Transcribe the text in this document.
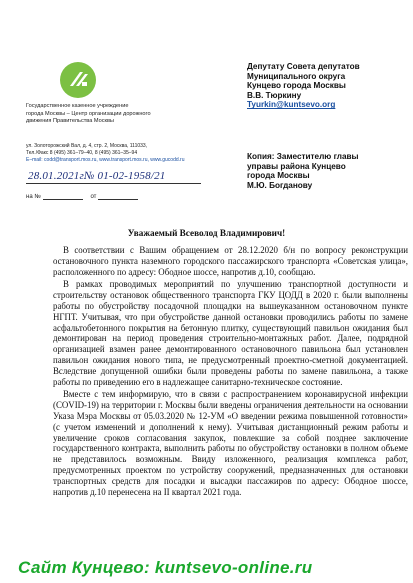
Государственное казенное учреждение
города Москвы – Центр организации дорожного
движения Правительства Москвы
ул. Золоторожский Вал, д. 4, стр. 2, Москва, 111033,
Тел./Факс 8 (495) 361–79–40, 8 (495) 361–35–94
E–mail: codd@transport.mos.ru, www.transport.mos.ru, www.gucodd.ru
28.01.2021г.
№ 01-02-1958/21
на №	от
Депутату Совета депутатов
Муниципального округа
Кунцево города Москвы
В.В. Тюркину
Tyurkin@kuntsevo.org
Копия: Заместителю главы
управы района Кунцево
города Москвы
М.Ю. Богданову
Уважаемый Всеволод Владимирович!

В соответствии с Вашим обращением от 28.12.2020 б/н по вопросу реконструкции остановочного пункта наземного городского пассажирского транспорта «Советская улица», расположенного по адресу: Ободное шоссе, напротив д.10, сообщаю.

В рамках проводимых мероприятий по улучшению транспортной доступности и строительству остановок общественного транспорта ГКУ ЦОДД в 2020 г. были выполнены работы по обустройству посадочной площадки на вышеуказанном остановочном пункте НГПТ. Учитывая, что при обустройстве данной остановки проводились работы по замене асфальтобетонного покрытия на бетонную плитку, существующий павильон ожидания был демонтирован на период проведения строительно-монтажных работ. Далее, подрядной организацией взамен ранее демонтированного остановочного павильона был установлен павильон ожидания нового типа, не предусмотренный проектно-сметной документацией. Вследствие допущенной ошибки были проведены работы по замене павильона, а также работы по приведению его в надлежащее санитарно-техническое состояние.

Вместе с тем информирую, что в связи с распространением коронавирусной инфекции (COVID-19) на территории г. Москвы были введены ограничения деятельности на основании Указа Мэра Москвы от 05.03.2020 № 12-УМ «О введении режима повышенной готовности» (с учетом изменений и дополнений к нему). Учитывая дистанционный режим работы и увеличение сроков согласования закупок, повлекшие за собой позднее заключение государственного контракта, выполнить работы по обустройству остановки в полном объеме не представилось возможным. Ввиду изложенного, реализация комплекса работ, предусмотренных проектом по устройству сооружений, предназначенных для остановки транспортных средств для посадки и высадки пассажиров по адресу: Ободное шоссе, напротив д.10 перенесена на II квартал 2021 года.

Сайт Кунцево: kuntsevo-online.ru
